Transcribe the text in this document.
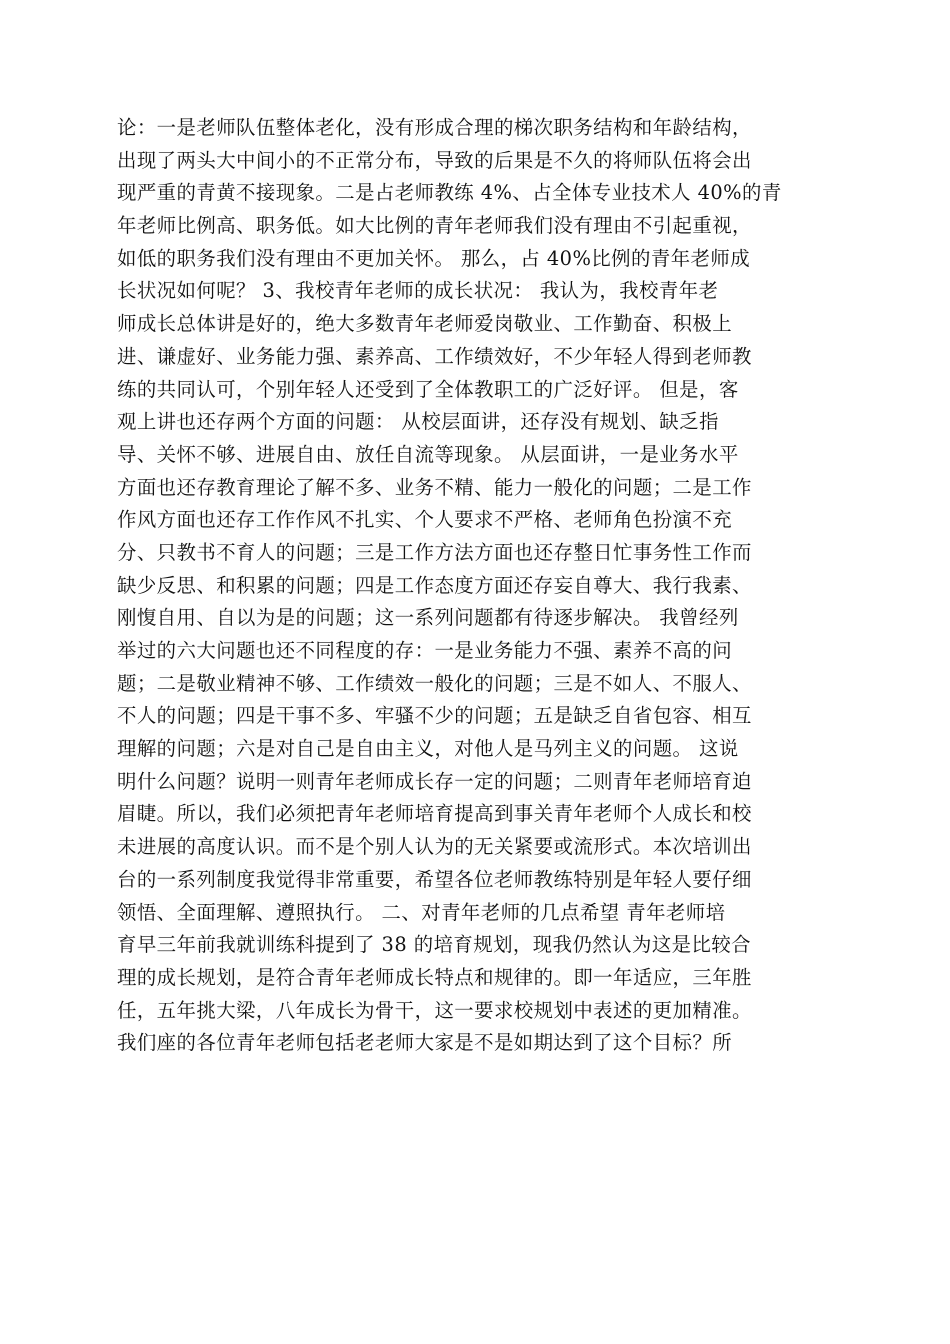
论：一是老师队伍整体老化，没有形成合理的梯次职务结构和年龄结构，
出现了两头大中间小的不正常分布，导致的后果是不久的将师队伍将会出
现严重的青黄不接现象。二是占老师教练 4%、占全体专业技术人 40%的青
年老师比例高、职务低。如大比例的青年老师我们没有理由不引起重视，
如低的职务我们没有理由不更加关怀。 那么，占 40%比例的青年老师成
长状况如何呢？ 3、我校青年老师的成长状况： 我认为，我校青年老
师成长总体讲是好的，绝大多数青年老师爱岗敬业、工作勤奋、积极上
进、谦虚好、业务能力强、素养高、工作绩效好，不少年轻人得到老师教
练的共同认可，个别年轻人还受到了全体教职工的广泛好评。 但是，客
观上讲也还存两个方面的问题： 从校层面讲，还存没有规划、缺乏指
导、关怀不够、进展自由、放任自流等现象。 从层面讲，一是业务水平
方面也还存教育理论了解不多、业务不精、能力一般化的问题；二是工作
作风方面也还存工作作风不扎实、个人要求不严格、老师角色扮演不充
分、只教书不育人的问题；三是工作方法方面也还存整日忙事务性工作而
缺少反思、和积累的问题；四是工作态度方面还存妄自尊大、我行我素、
刚愎自用、自以为是的问题；这一系列问题都有待逐步解决。 我曾经列
举过的六大问题也还不同程度的存：一是业务能力不强、素养不高的问
题；二是敬业精神不够、工作绩效一般化的问题；三是不如人、不服人、
不人的问题；四是干事不多、牢骚不少的问题；五是缺乏自省包容、相互
理解的问题；六是对自己是自由主义，对他人是马列主义的问题。 这说
明什么问题？说明一则青年老师成长存一定的问题；二则青年老师培育迫
眉睫。所以，我们必须把青年老师培育提高到事关青年老师个人成长和校
未进展的高度认识。而不是个别人认为的无关紧要或流形式。本次培训出
台的一系列制度我觉得非常重要，希望各位老师教练特别是年轻人要仔细
领悟、全面理解、遵照执行。 二、对青年老师的几点希望 青年老师培
育早三年前我就训练科提到了 38 的培育规划，现我仍然认为这是比较合
理的成长规划，是符合青年老师成长特点和规律的。即一年适应，三年胜
任，五年挑大梁，八年成长为骨干，这一要求校规划中表述的更加精准。
我们座的各位青年老师包括老老师大家是不是如期达到了这个目标？所
